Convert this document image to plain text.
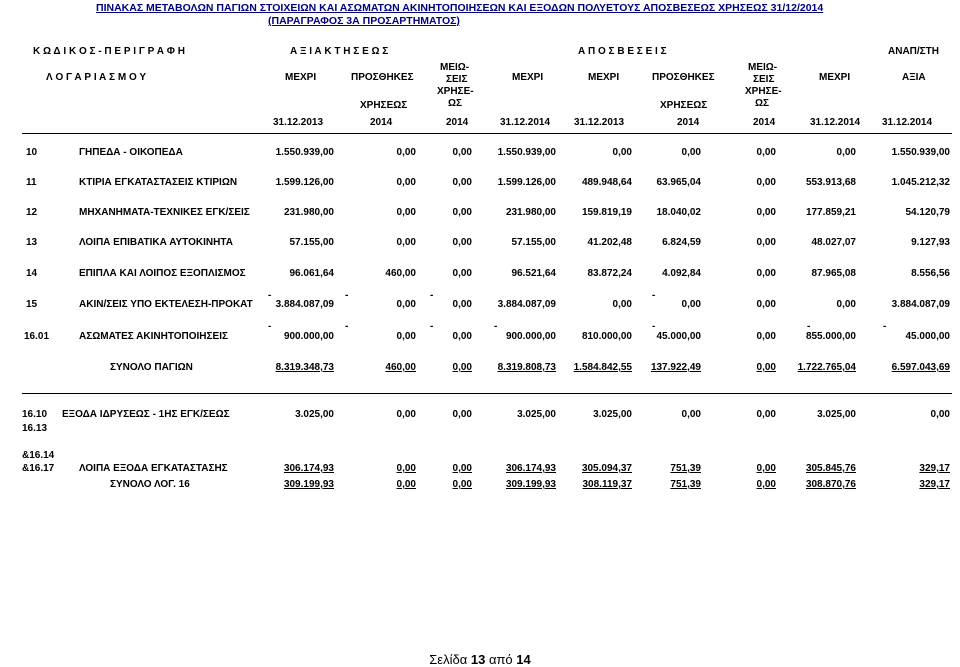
ΠΙΝΑΚΑΣ ΜΕΤΑΒΟΛΩΝ ΠΑΓΙΩΝ ΣΤΟΙΧΕΙΩΝ ΚΑΙ ΑΣΩΜΑΤΩΝ ΑΚΙΝΗΤΟΠΟΙΗΣΕΩΝ ΚΑΙ ΕΞΟΔΩΝ ΠΟΛΥΕΤΟΥΣ ΑΠΟΣΒΕΣΕΩΣ ΧΡΗΣΕΩΣ 31/12/2014
(ΠΑΡΑΓΡΑΦΟΣ 3Α ΠΡΟΣΑΡΤΗΜΑΤΟΣ)
Κ Ω Δ Ι Κ Ο Σ - Π Ε Ρ Ι Γ Ρ Α Φ Η	Α Ξ Ι Α Κ Τ Η Σ Ε Ω Σ	Α Π Ο Σ Β Ε Σ Ε Ι Σ	ΑΝΑΠ/ΣΤΗ
Λ Ο Γ Α Ρ Ι Α Σ Μ Ο Υ	ΜΕΧΡΙ	ΠΡΟΣΘΗΚΕΣ
ΧΡΗΣΕΩΣ
ΜΕΙΩ-
ΣΕΙΣ
ΧΡΗΣΕ-
ΩΣ
ΜΕΧΡΙ	ΜΕΧΡΙ	ΠΡΟΣΘΗΚΕΣ
ΧΡΗΣΕΩΣ
ΜΕΙΩ-
ΣΕΙΣ
ΧΡΗΣΕ-
ΩΣ
ΜΕΧΡΙ	ΑΞΙΑ
31.12.2013	2014	2014	31.12.2014 31.12.2013	2014	2014	31.12.2014 31.12.2014
10	ΓΗΠΕΔΑ - ΟΙΚΟΠΕΔΑ	1.550.939,00	0,00	0,00	1.550.939,00	0,00	0,00	0,00	0,00	1.550.939,00
11	ΚΤΙΡΙΑ ΕΓΚΑΤΑΣΤΑΣΕΙΣ ΚΤΙΡΙΩΝ	1.599.126,00	0,00	0,00	1.599.126,00	489.948,64	63.965,04	0,00	553.913,68	1.045.212,32
12	ΜΗΧΑΝΗΜΑΤΑ-ΤΕΧΝΙΚΕΣ ΕΓΚ/ΣΕΙΣ	231.980,00	0,00	0,00	231.980,00	159.819,19	18.040,02	0,00	177.859,21	54.120,79
13	ΛΟΙΠΑ ΕΠΙΒΑΤΙΚΑ ΑΥΤΟΚΙΝΗΤΑ	57.155,00	0,00	0,00	57.155,00	41.202,48	6.824,59	0,00	48.027,07	9.127,93
14	ΕΠΙΠΛΑ ΚΑΙ ΛΟΙΠΟΣ ΕΞΟΠΛΙΣΜΟΣ	96.061,64	460,00	0,00	96.521,64	83.872,24	4.092,84	0,00	87.965,08	8.556,56
15	ΑΚΙΝ/ΣΕΙΣ ΥΠΟ ΕΚΤΕΛΕΣΗ-ΠΡΟΚΑΤ	3.884.087,09	0,00	0,00	3.884.087,09	0,00	0,00	0,00	0,00	3.884.087,09
16.01	ΑΣΩΜΑΤΕΣ ΑΚΙΝΗΤΟΠΟΙΗΣΕΙΣ	900.000,00	0,00	0,00	900.000,00	810.000,00	45.000,00	0,00	855.000,00	45.000,00
-	-	-	-
-	-	-	-	-	-	-
ΣΥΝΟΛΟ ΠΑΓΙΩΝ	8.319.348,73	460,00	0,00	8.319.808,73	1.584.842,55	137.922,49	0,00	1.722.765,04	6.597.043,69
16.10
16.13
ΕΞΟΔΑ ΙΔΡΥΣΕΩΣ - 1ΗΣ ΕΓΚ/ΣΕΩΣ	3.025,00	0,00	0,00	3.025,00	3.025,00	0,00	0,00	3.025,00	0,00
&16.14
&16.17 ΛΟΙΠΑ ΕΞΟΔΑ ΕΓΚΑΤΑΣΤΑΣΗΣ	306.174,93	0,00	0,00	306.174,93	305.094,37	751,39	0,00	305.845,76	329,17
ΣΥΝΟΛΟ ΛΟΓ. 16	309.199,93	0,00	0,00	309.199,93	308.119,37	751,39	0,00	308.870,76	329,17
Σελίδα 13 από 14
